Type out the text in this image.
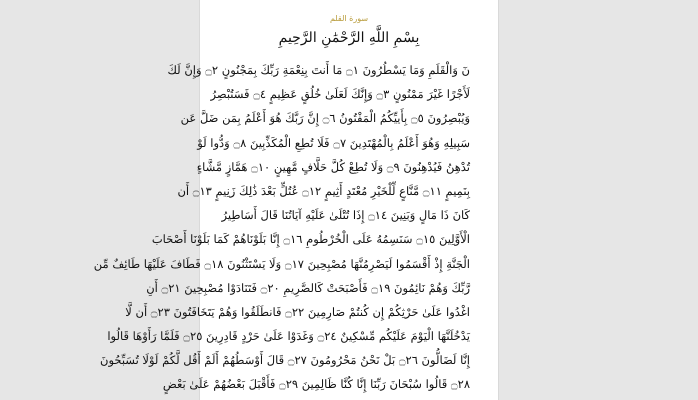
سورة القلم
بِسْمِ اللَّهِ الرَّحْمَٰنِ الرَّحِيمِ
نٓ وَالْقَلَمِ وَمَا يَسْطُرُونَ ۝١ مَا أَنتَ بِنِعْمَةِ رَبِّكَ بِمَجْنُونٍ ۝٢ وَإِنَّ لَكَ
لَأَجْرًا غَيْرَ مَمْنُونٍ ۝٣ وَإِنَّكَ لَعَلَىٰ خُلُقٍ عَظِيمٍ ۝٤ فَسَتُبْصِرُ
وَيُبْصِرُونَ ۝٥ بِأَييِّكُمُ الْمَفْتُونُ ۝٦ إِنَّ رَبَّكَ هُوَ أَعْلَمُ بِمَن ضَلَّ عَن
سَبِيلِهِ وَهُوَ أَعْلَمُ بِالْمُهْتَدِينَ ۝٧ فَلَا تُطِعِ الْمُكَذِّبِينَ ۝٨ وَدُّوا لَوْ
تُدْهِنُ فَيُدْهِنُونَ ۝٩ وَلَا تُطِعْ كُلَّ حَلَّافٍ مَّهِينٍ ۝١٠ هَمَّازٍ مَّشَّاءٍ
بِنَمِيمٍ ۝١١ مَّنَّاعٍ لِّلْخَيْرِ مُعْتَدٍ أَثِيمٍ ۝١٢ عُتُلٍّ بَعْدَ ذَٰلِكَ زَنِيمٍ ۝١٣ أَن
كَانَ ذَا مَالٍ وَبَنِينَ ۝١٤ إِذَا تُتْلَىٰ عَلَيْهِ آيَاتُنَا قَالَ أَسَاطِيرُ
الْأَوَّلِينَ ۝١٥ سَنَسِمُهُ عَلَى الْخُرْطُومِ ۝١٦ إِنَّا بَلَوْنَاهُمْ كَمَا بَلَوْنَا أَصْحَابَ
الْجَنَّةِ إِذْ أَقْسَمُوا لَيَصْرِمُنَّهَا مُصْبِحِينَ ۝١٧ وَلَا يَسْتَثْنُونَ ۝١٨ فَطَافَ عَلَيْهَا طَائِفٌ مِّن
رَّبِّكَ وَهُمْ نَائِمُونَ ۝١٩ فَأَصْبَحَتْ كَالصَّرِيمِ ۝٢٠ فَتَنَادَوْا مُصْبِحِينَ ۝٢١ أَنِ
اغْدُوا عَلَىٰ حَرْثِكُمْ إِن كُنتُمْ صَارِمِينَ ۝٢٢ فَانطَلَقُوا وَهُمْ يَتَخَافَتُونَ ۝٢٣ أَن لَّا
يَدْخُلَنَّهَا الْيَوْمَ عَلَيْكُم مِّسْكِينٌ ۝٢٤ وَغَدَوْا عَلَىٰ حَرْدٍ قَادِرِينَ ۝٢٥ فَلَمَّا رَأَوْهَا قَالُوا
إِنَّا لَضَالُّونَ ۝٢٦ بَلْ نَحْنُ مَحْرُومُونَ ۝٢٧ قَالَ أَوْسَطُهُمْ أَلَمْ أَقُل لَّكُمْ لَوْلَا تُسَبِّحُونَ
۝٢٨ قَالُوا سُبْحَانَ رَبِّنَا إِنَّا كُنَّا ظَالِمِينَ ۝٢٩ فَأَقْبَلَ بَعْضُهُمْ عَلَىٰ بَعْضٍ
